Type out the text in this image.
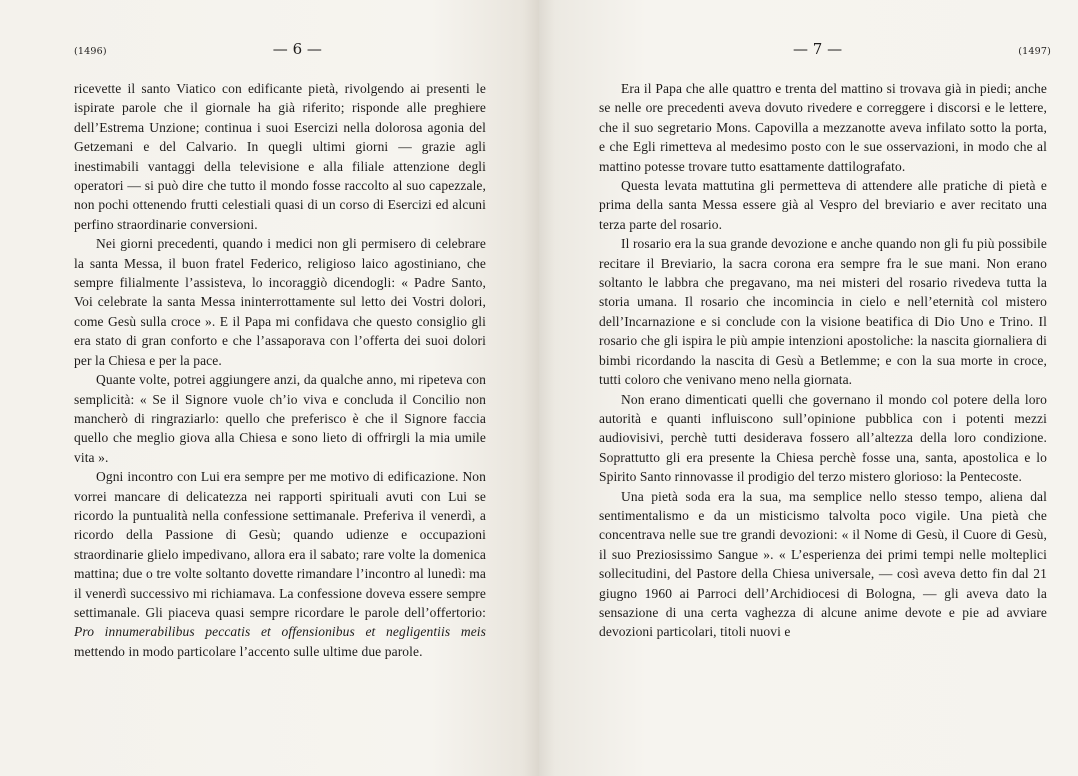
(1496)	— 6 —

ricevette il santo Viatico con edificante pietà, rivolgendo ai presenti le ispirate parole che il giornale ha già riferito; risponde alle preghiere dell’Estrema Unzione; continua i suoi Esercizi nella dolorosa agonia del Getzemani e del Calvario. In quegli ultimi giorni — grazie agli inestimabili vantaggi della televisione e alla filiale attenzione degli operatori — si può dire che tutto il mondo fosse raccolto al suo capezzale, non pochi ottenendo frutti celestiali quasi di un corso di Esercizi ed alcuni perfino straordinarie conversioni.

Nei giorni precedenti, quando i medici non gli permisero di celebrare la santa Messa, il buon fratel Federico, religioso laico agostiniano, che sempre filialmente l’assisteva, lo incoraggiò dicendogli: « Padre Santo, Voi celebrate la santa Messa ininterrottamente sul letto dei Vostri dolori, come Gesù sulla croce ». E il Papa mi confidava che questo consiglio gli era stato di gran conforto e che l’assaporava con l’offerta dei suoi dolori per la Chiesa e per la pace.

Quante volte, potrei aggiungere anzi, da qualche anno, mi ripeteva con semplicità: « Se il Signore vuole ch’io viva e concluda il Concilio non mancherò di ringraziarlo: quello che preferisco è che il Signore faccia quello che meglio giova alla Chiesa e sono lieto di offrirgli la mia umile vita ».

Ogni incontro con Lui era sempre per me motivo di edificazione. Non vorrei mancare di delicatezza nei rapporti spirituali avuti con Lui se ricordo la puntualità nella confessione settimanale. Preferiva il venerdì, a ricordo della Passione di Gesù; quando udienze e occupazioni straordinarie glielo impedivano, allora era il sabato; rare volte la domenica mattina; due o tre volte soltanto dovette rimandare l’incontro al lunedì: ma il venerdì successivo mi richiamava. La confessione doveva essere sempre settimanale. Gli piaceva quasi sempre ricordare le parole dell’offertorio: Pro innumerabilibus peccatis et offensionibus et negligentiis meis mettendo in modo particolare l’accento sulle ultime due parole.

— 7 —	(1497)

Era il Papa che alle quattro e trenta del mattino si trovava già in piedi; anche se nelle ore precedenti aveva dovuto rivedere e correggere i discorsi e le lettere, che il suo segretario Mons. Capovilla a mezzanotte aveva infilato sotto la porta, e che Egli rimetteva al medesimo posto con le sue osservazioni, in modo che al mattino potesse trovare tutto esattamente dattilografato.

Questa levata mattutina gli permetteva di attendere alle pratiche di pietà e prima della santa Messa essere già al Vespro del breviario e aver recitato una terza parte del rosario.

Il rosario era la sua grande devozione e anche quando non gli fu più possibile recitare il Breviario, la sacra corona era sempre fra le sue mani. Non erano soltanto le labbra che pregavano, ma nei misteri del rosario rivedeva tutta la storia umana. Il rosario che incomincia in cielo e nell’eternità col mistero dell’Incarnazione e si conclude con la visione beatifica di Dio Uno e Trino. Il rosario che gli ispira le più ampie intenzioni apostoliche: la nascita giornaliera di bimbi ricordando la nascita di Gesù a Betlemme; e con la sua morte in croce, tutti coloro che venivano meno nella giornata.

Non erano dimenticati quelli che governano il mondo col potere della loro autorità e quanti influiscono sull’opinione pubblica con i potenti mezzi audiovisivi, perchè tutti desiderava fossero all’altezza della loro condizione. Soprattutto gli era presente la Chiesa perchè fosse una, santa, apostolica e lo Spirito Santo rinnovasse il prodigio del terzo mistero glorioso: la Pentecoste.

Una pietà soda era la sua, ma semplice nello stesso tempo, aliena dal sentimentalismo e da un misticismo talvolta poco vigile. Una pietà che concentrava nelle sue tre grandi devozioni: « il Nome di Gesù, il Cuore di Gesù, il suo Preziosissimo Sangue ». « L’esperienza dei primi tempi nelle molteplici sollecitudini, del Pastore della Chiesa universale, — così aveva detto fin dal 21 giugno 1960 ai Parroci dell’Archidiocesi di Bologna, — gli aveva dato la sensazione di una certa vaghezza di alcune anime devote e pie ad avviare devozioni particolari, titoli nuovi e
